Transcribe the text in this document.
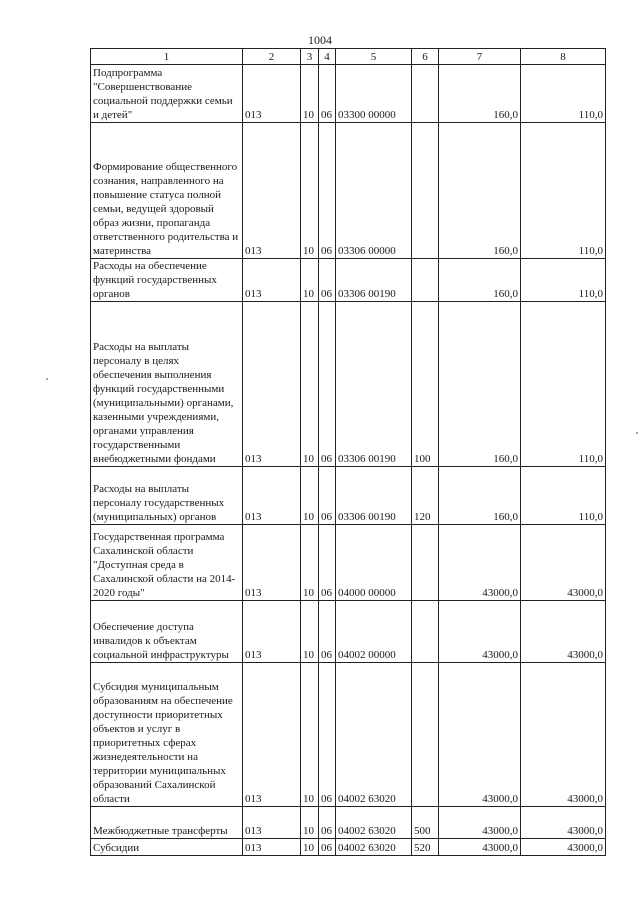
1004
1	2	3	4	5	6	7	8
Подпрограмма "Совершенствование социальной поддержки семьи и детей"	013	10	06	03300 00000		160,0	110,0
Формирование общественного сознания, направленного на повышение статуса полной семьи, ведущей здоровый образ жизни, пропаганда ответственного родительства и материнства	013	10	06	03306 00000		160,0	110,0
Расходы на обеспечение функций государственных органов	013	10	06	03306 00190		160,0	110,0
Расходы на выплаты персоналу в целях обеспечения выполнения функций государственными (муниципальными) органами, казенными учреждениями, органами управления государственными внебюджетными фондами	013	10	06	03306 00190	100	160,0	110,0
Расходы на выплаты персоналу государственных (муниципальных) органов	013	10	06	03306 00190	120	160,0	110,0
Государственная программа Сахалинской области "Доступная среда в Сахалинской области на 2014-2020 годы"	013	10	06	04000 00000		43000,0	43000,0
Обеспечение доступа инвалидов к объектам социальной инфраструктуры	013	10	06	04002 00000		43000,0	43000,0
Субсидия муниципальным образованиям на обеспечение доступности приоритетных объектов и услуг в приоритетных сферах жизнедеятельности на территории муниципальных образований Сахалинской области	013	10	06	04002 63020		43000,0	43000,0
Межбюджетные трансферты	013	10	06	04002 63020	500	43000,0	43000,0
Субсидии	013	10	06	04002 63020	520	43000,0	43000,0
